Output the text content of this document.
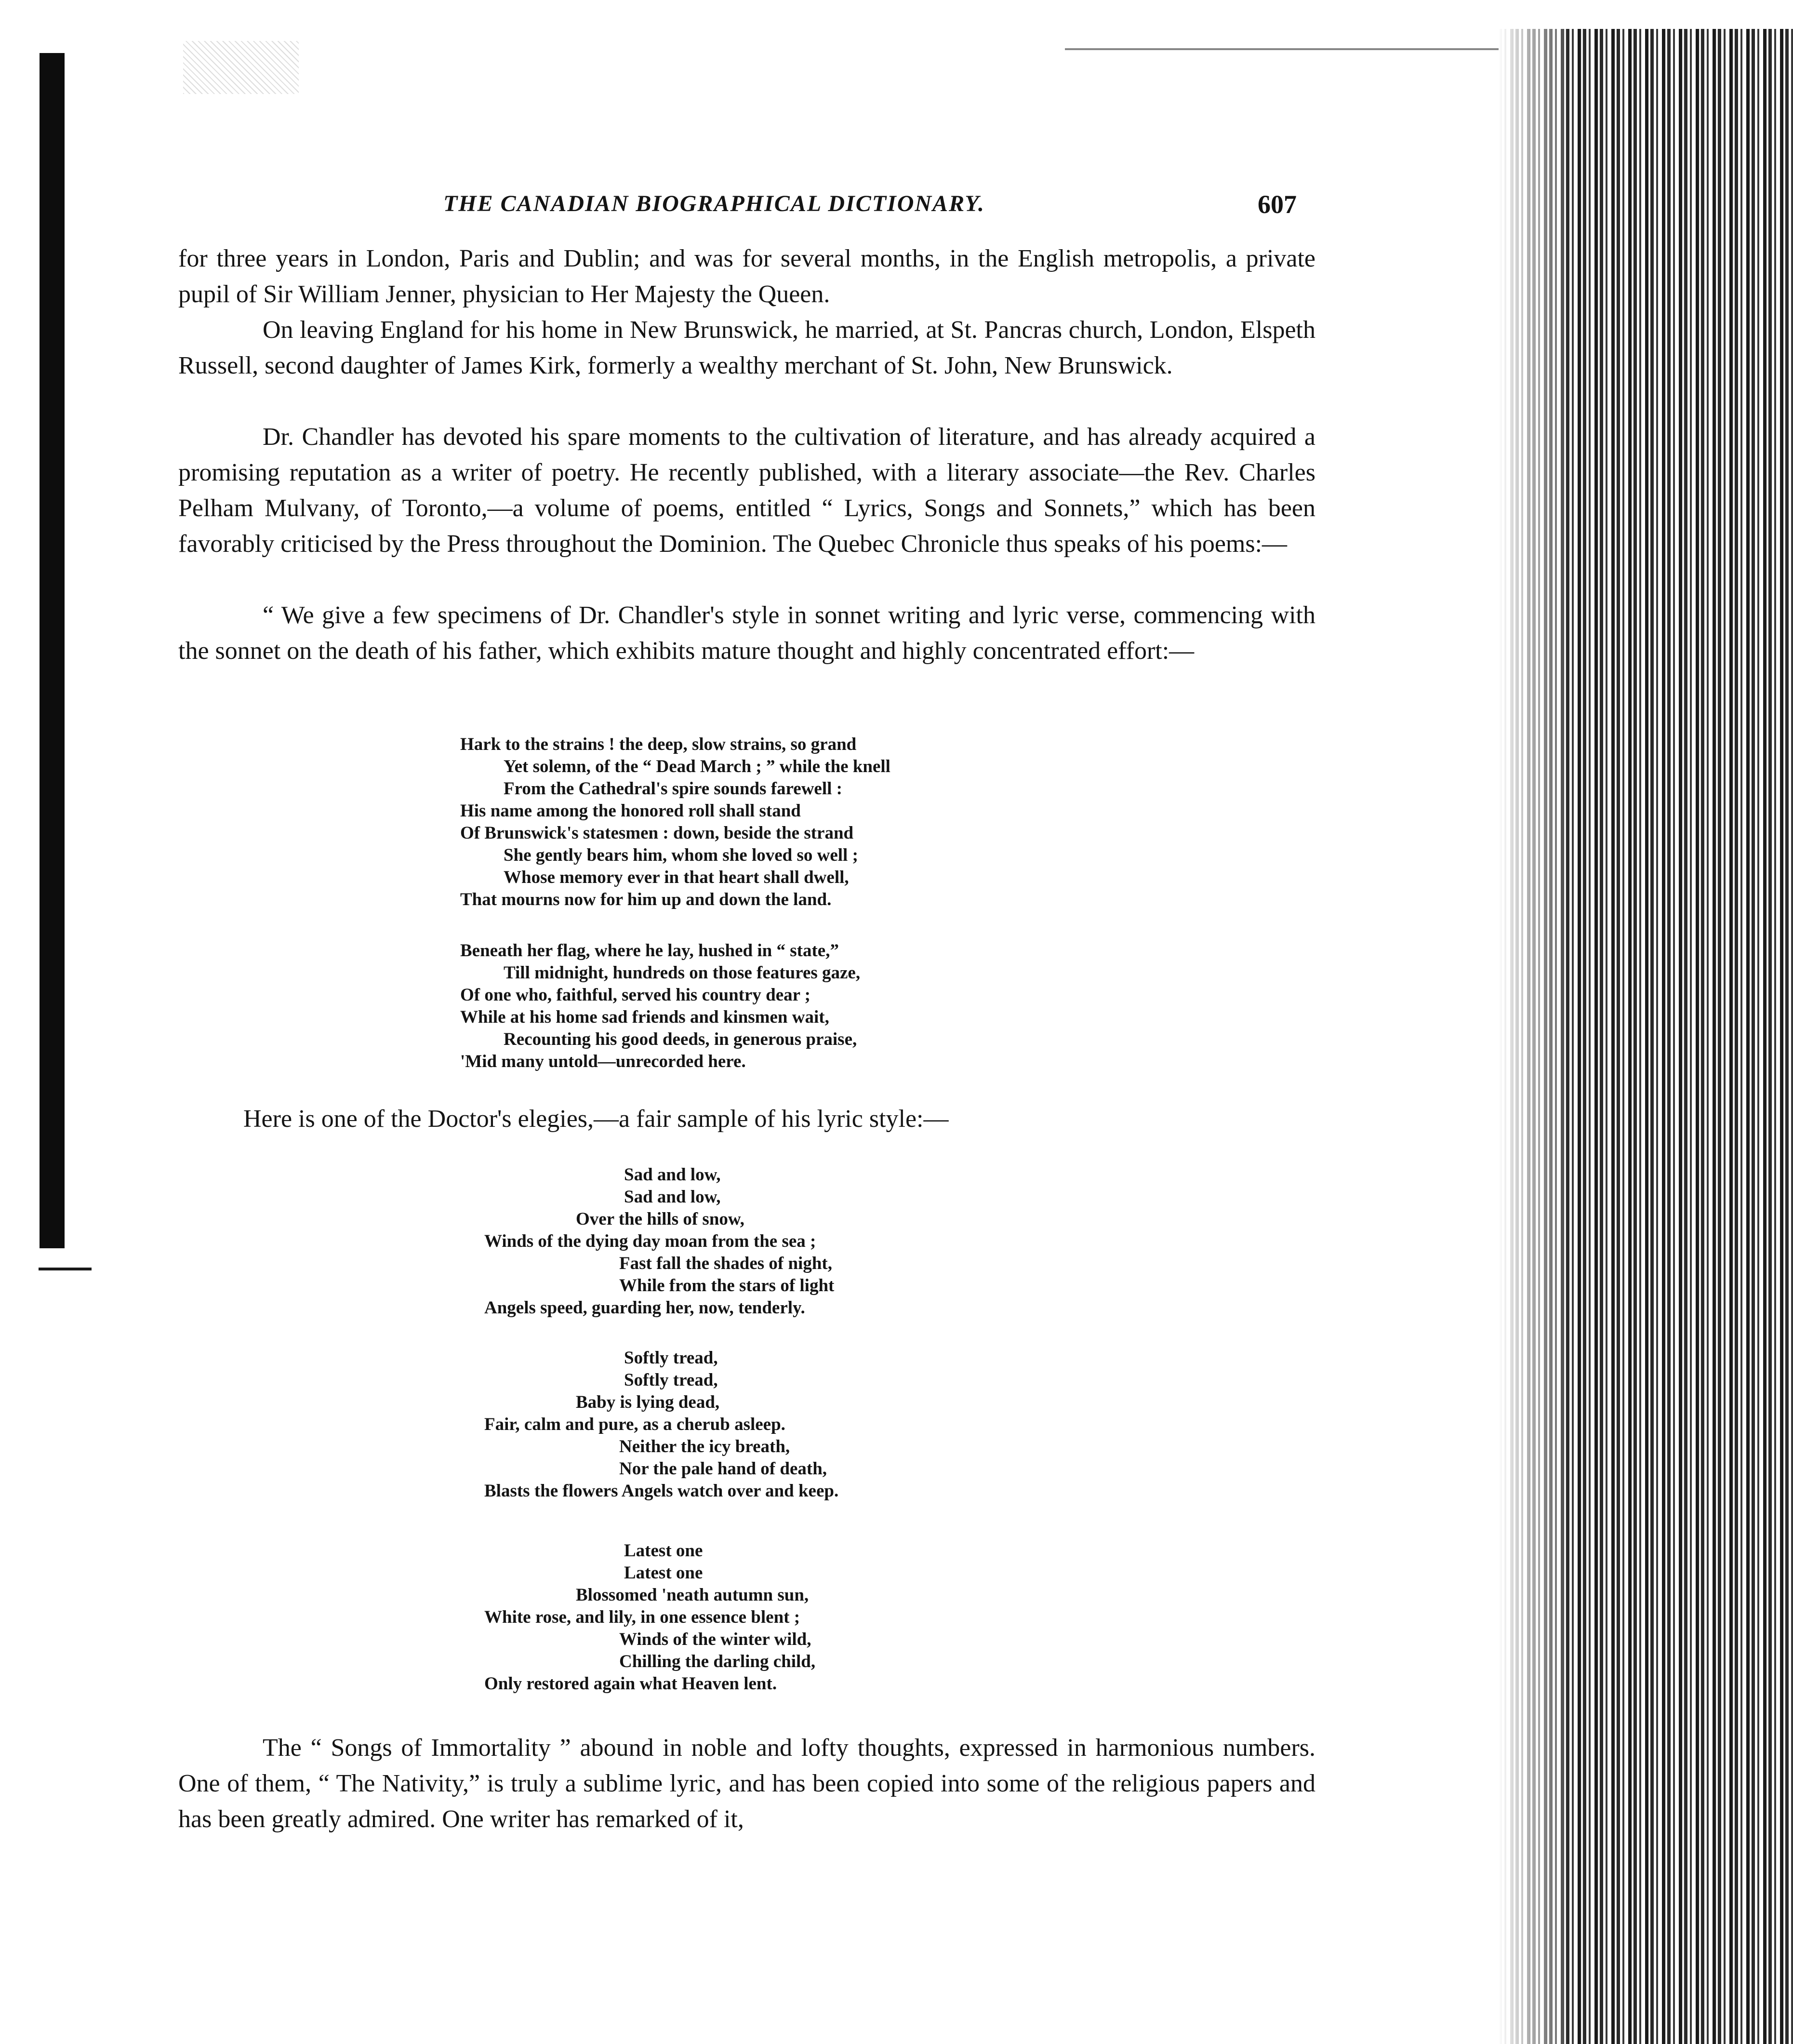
THE CANADIAN BIOGRAPHICAL DICTIONARY.	607

for three years in London, Paris and Dublin; and was for several months, in the English metropolis, a private pupil of Sir William Jenner, physician to Her Majesty the Queen.

On leaving England for his home in New Brunswick, he married, at St. Pancras church, London, Elspeth Russell, second daughter of James Kirk, formerly a wealthy merchant of St. John, New Brunswick.

Dr. Chandler has devoted his spare moments to the cultivation of literature, and has already acquired a promising reputation as a writer of poetry. He recently published, with a literary associate—the Rev. Charles Pelham Mulvany, of Toronto,—a volume of poems, entitled “ Lyrics, Songs and Sonnets,” which has been favorably criticised by the Press throughout the Dominion. The Quebec Chronicle thus speaks of his poems:—

“ We give a few specimens of Dr. Chandler's style in sonnet writing and lyric verse, commencing with the sonnet on the death of his father, which exhibits mature thought and highly concentrated effort:—

Hark to the strains ! the deep, slow strains, so grand
Yet solemn, of the “ Dead March ; ” while the knell
From the Cathedral's spire sounds farewell :
His name among the honored roll shall stand
Of Brunswick's statesmen : down, beside the strand
She gently bears him, whom she loved so well ;
Whose memory ever in that heart shall dwell,
That mourns now for him up and down the land.
Beneath her flag, where he lay, hushed in “ state,”
Till midnight, hundreds on those features gaze,
Of one who, faithful, served his country dear ;
While at his home sad friends and kinsmen wait,
Recounting his good deeds, in generous praise,
'Mid many untold—unrecorded here.

Here is one of the Doctor's elegies,—a fair sample of his lyric style:—

Sad and low,
Sad and low,
Over the hills of snow,
Winds of the dying day moan from the sea ;
Fast fall the shades of night,
While from the stars of light
Angels speed, guarding her, now, tenderly.
Softly tread,
Softly tread,
Baby is lying dead,
Fair, calm and pure, as a cherub asleep.
Neither the icy breath,
Nor the pale hand of death,
Blasts the flowers Angels watch over and keep.
Latest one
Latest one
Blossomed 'neath autumn sun,
White rose, and lily, in one essence blent ;
Winds of the winter wild,
Chilling the darling child,
Only restored again what Heaven lent.

The “ Songs of Immortality ” abound in noble and lofty thoughts, expressed in harmonious numbers. One of them, “ The Nativity,” is truly a sublime lyric, and has been copied into some of the religious papers and has been greatly admired. One writer has remarked of it,
